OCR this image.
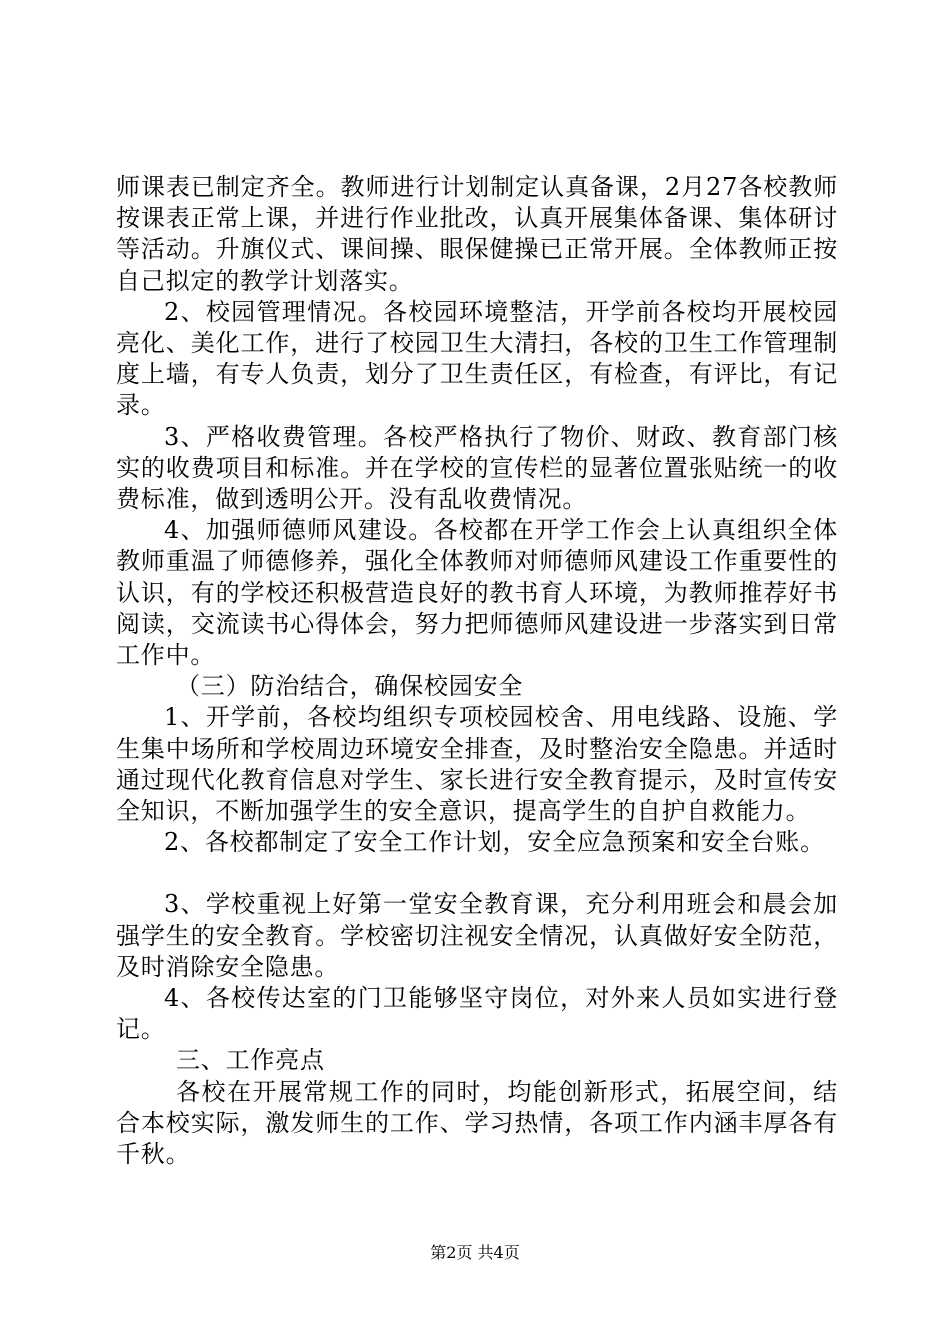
师课表已制定齐全。教师进行计划制定认真备课，2月27各校教师按课表正常上课，并进行作业批改，认真开展集体备课、集体研讨等活动。升旗仪式、课间操、眼保健操已正常开展。全体教师正按自己拟定的教学计划落实。

2、校园管理情况。各校园环境整洁，开学前各校均开展校园亮化、美化工作，进行了校园卫生大清扫，各校的卫生工作管理制度上墙，有专人负责，划分了卫生责任区，有检查，有评比，有记录。

3、严格收费管理。各校严格执行了物价、财政、教育部门核实的收费项目和标准。并在学校的宣传栏的显著位置张贴统一的收费标准，做到透明公开。没有乱收费情况。

4、加强师德师风建设。各校都在开学工作会上认真组织全体教师重温了师德修养，强化全体教师对师德师风建设工作重要性的认识，有的学校还积极营造良好的教书育人环境，为教师推荐好书阅读，交流读书心得体会，努力把师德师风建设进一步落实到日常工作中。

（三）防治结合，确保校园安全

1、开学前，各校均组织专项校园校舍、用电线路、设施、学生集中场所和学校周边环境安全排查，及时整治安全隐患。并适时通过现代化教育信息对学生、家长进行安全教育提示，及时宣传安全知识，不断加强学生的安全意识，提高学生的自护自救能力。

2、各校都制定了安全工作计划，安全应急预案和安全台账。

3、学校重视上好第一堂安全教育课，充分利用班会和晨会加强学生的安全教育。学校密切注视安全情况，认真做好安全防范，及时消除安全隐患。

4、各校传达室的门卫能够坚守岗位，对外来人员如实进行登记。

三、工作亮点

各校在开展常规工作的同时，均能创新形式，拓展空间，结合本校实际，激发师生的工作、学习热情，各项工作内涵丰厚各有千秋。

第2页 共4页
